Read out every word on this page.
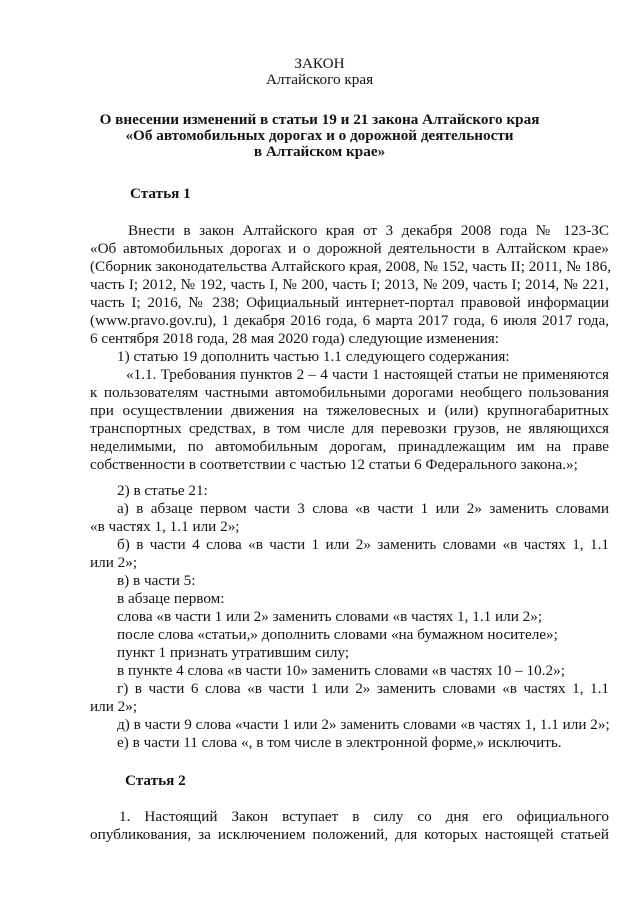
ЗАКОН

Алтайского края

О внесении изменений в статьи 19 и 21 закона Алтайского края

«Об автомобильных дорогах и о дорожной деятельности

в Алтайском крае»

Статья 1

Внести в закон Алтайского края от 3 декабря 2008 года № 123-ЗС

«Об автомобильных дорогах и о дорожной деятельности в Алтайском крае»

(Сборник законодательства Алтайского края, 2008, № 152, часть II; 2011, № 186,

часть I; 2012, № 192, часть I, № 200, часть I; 2013, № 209, часть I; 2014, № 221,

часть I; 2016, № 238; Официальный интернет-портал правовой информации

(www.pravo.gov.ru), 1 декабря 2016 года, 6 марта 2017 года, 6 июля 2017 года,

6 сентября 2018 года, 28 мая 2020 года) следующие изменения:

1) статью 19 дополнить частью 1.1 следующего содержания:

«1.1. Требования пунктов 2 – 4 части 1 настоящей статьи не применяются

к пользователям частными автомобильными дорогами необщего пользования

при осуществлении движения на тяжеловесных и (или) крупногабаритных

транспортных средствах, в том числе для перевозки грузов, не являющихся

неделимыми, по автомобильным дорогам, принадлежащим им на праве

собственности в соответствии с частью 12 статьи 6 Федерального закона.»;

2) в статье 21:

а) в абзаце первом части 3 слова «в части 1 или 2» заменить словами

«в частях 1, 1.1 или 2»;

б) в части 4 слова «в части 1 или 2» заменить словами «в частях 1, 1.1

или 2»;

в) в части 5:

в абзаце первом:

слова «в части 1 или 2» заменить словами «в частях 1, 1.1 или 2»;

после слова «статьи,» дополнить словами «на бумажном носителе»;

пункт 1 признать утратившим силу;

в пункте 4 слова «в части 10» заменить словами «в частях 10 – 10.2»;

г) в части 6 слова «в части 1 или 2» заменить словами «в частях 1, 1.1

или 2»;

д) в части 9 слова «части 1 или 2» заменить словами «в частях 1, 1.1 или 2»;

е) в части 11 слова «, в том числе в электронной форме,» исключить.

Статья 2

1. Настоящий Закон вступает в силу со дня его официального

опубликования, за исключением положений, для которых настоящей статьей
